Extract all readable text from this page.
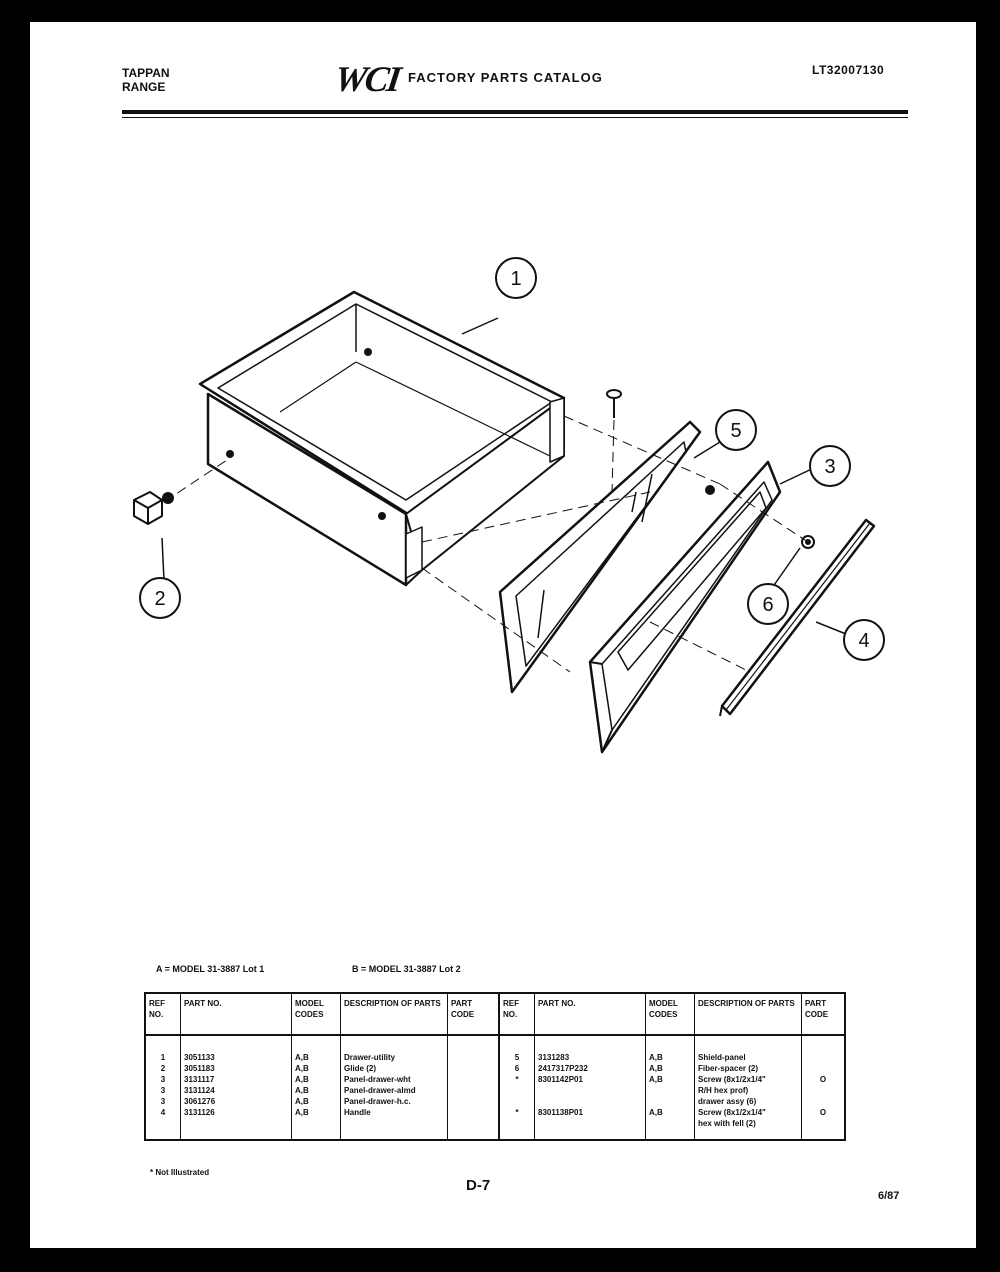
TAPPAN
RANGE	WCI FACTORY PARTS CATALOG	LT32007130
1
2
3
4
5
6
A = MODEL 31-3887 Lot 1	B = MODEL 31-3887 Lot 2
REF NO.	PART NO.	MODEL CODES	DESCRIPTION OF PARTS	PART CODE	REF NO.	PART NO.	MODEL CODES	DESCRIPTION OF PARTS	PART CODE
1	3051133	A,B	Drawer-utility		5	3131283	A,B	Shield-panel	
2	3051183	A,B	Glide (2)		6	2417317P232	A,B	Fiber-spacer (2)	
3	3131117	A,B	Panel-drawer-wht		*	8301142P01	A,B	Screw (8x1/2x1/4"	O
3	3131124	A,B	Panel-drawer-almd					R/H hex prof)	
3	3061276	A,B	Panel-drawer-h.c.					drawer assy (6)	
4	3131126	A,B	Handle		*	8301138P01	A,B	Screw (8x1/2x1/4"	O
								hex with fell (2)	
* Not Illustrated
D-7
6/87
